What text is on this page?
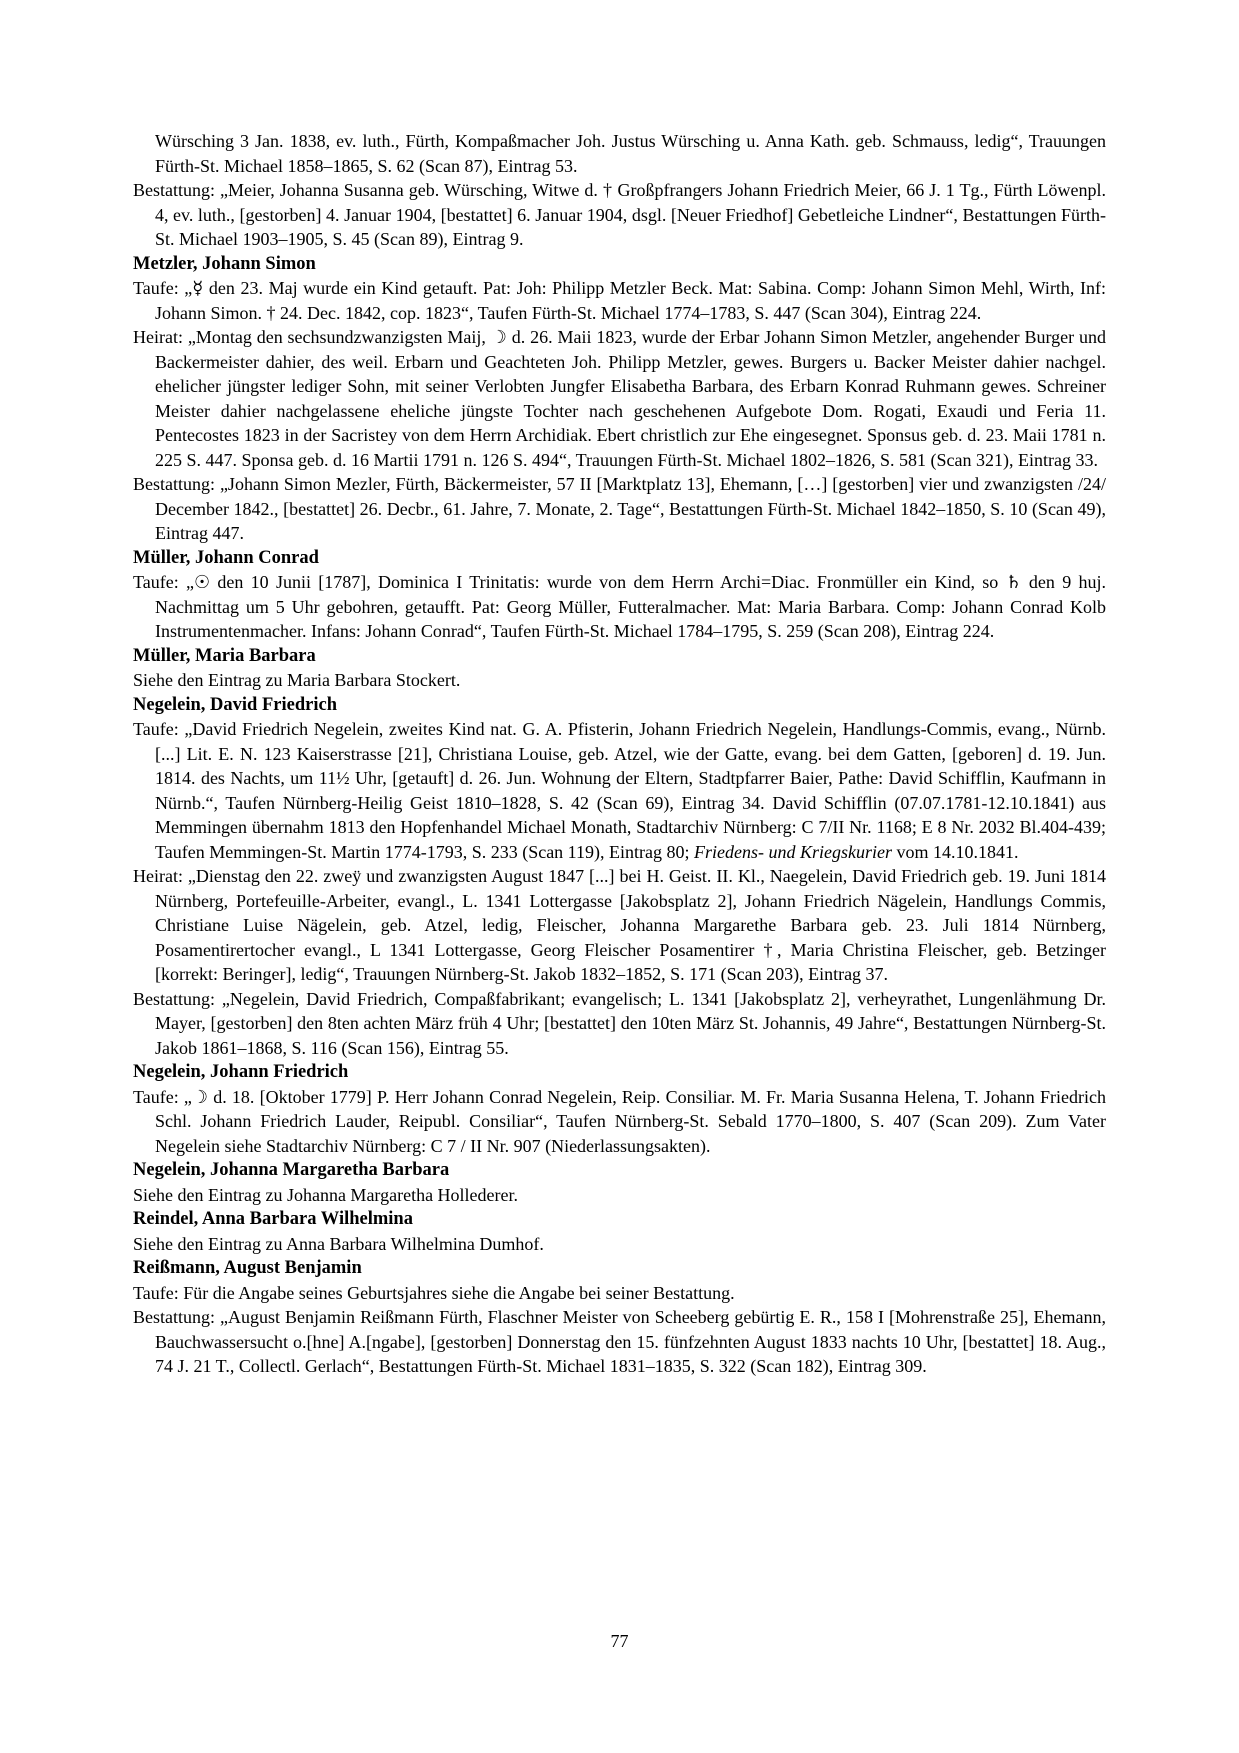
Würsching 3 Jan. 1838, ev. luth., Fürth, Kompaßmacher Joh. Justus Würsching u. Anna Kath. geb. Schmauss, ledig“, Trauungen Fürth-St. Michael 1858–1865, S. 62 (Scan 87), Eintrag 53.

Bestattung: „Meier, Johanna Susanna geb. Würsching, Witwe d. † Großpfrangers Johann Friedrich Meier, 66 J. 1 Tg., Fürth Löwenpl. 4, ev. luth., [gestorben] 4. Januar 1904, [bestattet] 6. Januar 1904, dsgl. [Neuer Friedhof] Gebetleiche Lindner“, Bestattungen Fürth-St. Michael 1903–1905, S. 45 (Scan 89), Eintrag 9.

Metzler, Johann Simon

Taufe: „☿ den 23. Maj wurde ein Kind getauft. Pat: Joh: Philipp Metzler Beck. Mat: Sabina. Comp: Johann Simon Mehl, Wirth, Inf: Johann Simon. † 24. Dec. 1842, cop. 1823“, Taufen Fürth-St. Michael 1774–1783, S. 447 (Scan 304), Eintrag 224.

Heirat: „Montag den sechsundzwanzigsten Maij, ☽ d. 26. Maii 1823, wurde der Erbar Johann Simon Metzler, angehender Burger und Backermeister dahier, des weil. Erbarn und Geachteten Joh. Philipp Metzler, gewes. Burgers u. Backer Meister dahier nachgel. ehelicher jüngster lediger Sohn, mit seiner Verlobten Jungfer Elisabetha Barbara, des Erbarn Konrad Ruhmann gewes. Schreiner Meister dahier nachgelassene eheliche jüngste Tochter nach geschehenen Aufgebote Dom. Rogati, Exaudi und Feria 11. Pentecostes 1823 in der Sacristey von dem Herrn Archidiak. Ebert christlich zur Ehe eingesegnet. Sponsus geb. d. 23. Maii 1781 n. 225 S. 447. Sponsa geb. d. 16 Martii 1791 n. 126 S. 494“, Trauungen Fürth-St. Michael 1802–1826, S. 581 (Scan 321), Eintrag 33.

Bestattung: „Johann Simon Mezler, Fürth, Bäckermeister, 57 II [Marktplatz 13], Ehemann, […] [gestorben] vier und zwanzigsten /24/ December 1842., [bestattet] 26. Decbr., 61. Jahre, 7. Monate, 2. Tage“, Bestattungen Fürth-St. Michael 1842–1850, S. 10 (Scan 49), Eintrag 447.

Müller, Johann Conrad

Taufe: „☉ den 10 Junii [1787], Dominica I Trinitatis: wurde von dem Herrn Archi=Diac. Fronmüller ein Kind, so ♄ den 9 huj. Nachmittag um 5 Uhr gebohren, getaufft. Pat: Georg Müller, Futteralmacher. Mat: Maria Barbara. Comp: Johann Conrad Kolb Instrumentenmacher. Infans: Johann Conrad“, Taufen Fürth-St. Michael 1784–1795, S. 259 (Scan 208), Eintrag 224.

Müller, Maria Barbara

Siehe den Eintrag zu Maria Barbara Stockert.

Negelein, David Friedrich

Taufe: „David Friedrich Negelein, zweites Kind nat. G. A. Pfisterin, Johann Friedrich Negelein, Handlungs-Commis, evang., Nürnb. [...] Lit. E. N. 123 Kaiserstrasse [21], Christiana Louise, geb. Atzel, wie der Gatte, evang. bei dem Gatten, [geboren] d. 19. Jun. 1814. des Nachts, um 11½ Uhr, [getauft] d. 26. Jun. Wohnung der Eltern, Stadtpfarrer Baier, Pathe: David Schifflin, Kaufmann in Nürnb.“, Taufen Nürnberg-Heilig Geist 1810–1828, S. 42 (Scan 69), Eintrag 34. David Schifflin (07.07.1781-12.10.1841) aus Memmingen übernahm 1813 den Hopfenhandel Michael Monath, Stadtarchiv Nürnberg: C 7/II Nr. 1168; E 8 Nr. 2032 Bl.404-439; Taufen Memmingen-St. Martin 1774-1793, S. 233 (Scan 119), Eintrag 80; Friedens- und Kriegskurier vom 14.10.1841.

Heirat: „Dienstag den 22. zweÿ und zwanzigsten August 1847 [...] bei H. Geist. II. Kl., Naegelein, David Friedrich geb. 19. Juni 1814 Nürnberg, Portefeuille-Arbeiter, evangl., L. 1341 Lottergasse [Jakobsplatz 2], Johann Friedrich Nägelein, Handlungs Commis, Christiane Luise Nägelein, geb. Atzel, ledig, Fleischer, Johanna Margarethe Barbara geb. 23. Juli 1814 Nürnberg, Posamentirertocher evangl., L 1341 Lottergasse, Georg Fleischer Posamentirer †, Maria Christina Fleischer, geb. Betzinger [korrekt: Beringer], ledig“, Trauungen Nürnberg-St. Jakob 1832–1852, S. 171 (Scan 203), Eintrag 37.

Bestattung: „Negelein, David Friedrich, Compaßfabrikant; evangelisch; L. 1341 [Jakobsplatz 2], verheyrathet, Lungenlähmung Dr. Mayer, [gestorben] den 8ten achten März früh 4 Uhr; [bestattet] den 10ten März St. Johannis, 49 Jahre“, Bestattungen Nürnberg-St. Jakob 1861–1868, S. 116 (Scan 156), Eintrag 55.

Negelein, Johann Friedrich

Taufe: „☽ d. 18. [Oktober 1779] P. Herr Johann Conrad Negelein, Reip. Consiliar. M. Fr. Maria Susanna Helena, T. Johann Friedrich Schl. Johann Friedrich Lauder, Reipubl. Consiliar“, Taufen Nürnberg-St. Sebald 1770–1800, S. 407 (Scan 209). Zum Vater Negelein siehe Stadtarchiv Nürnberg: C 7 / II Nr. 907 (Niederlassungsakten).

Negelein, Johanna Margaretha Barbara

Siehe den Eintrag zu Johanna Margaretha Hollederer.

Reindel, Anna Barbara Wilhelmina

Siehe den Eintrag zu Anna Barbara Wilhelmina Dumhof.

Reißmann, August Benjamin

Taufe: Für die Angabe seines Geburtsjahres siehe die Angabe bei seiner Bestattung.

Bestattung: „August Benjamin Reißmann Fürth, Flaschner Meister von Scheeberg gebürtig E. R., 158 I [Mohrenstraße 25], Ehemann, Bauchwassersucht o.[hne] A.[ngabe], [gestorben] Donnerstag den 15. fünfzehnten August 1833 nachts 10 Uhr, [bestattet] 18. Aug., 74 J. 21 T., Collectl. Gerlach“, Bestattungen Fürth-St. Michael 1831–1835, S. 322 (Scan 182), Eintrag 309.

77
